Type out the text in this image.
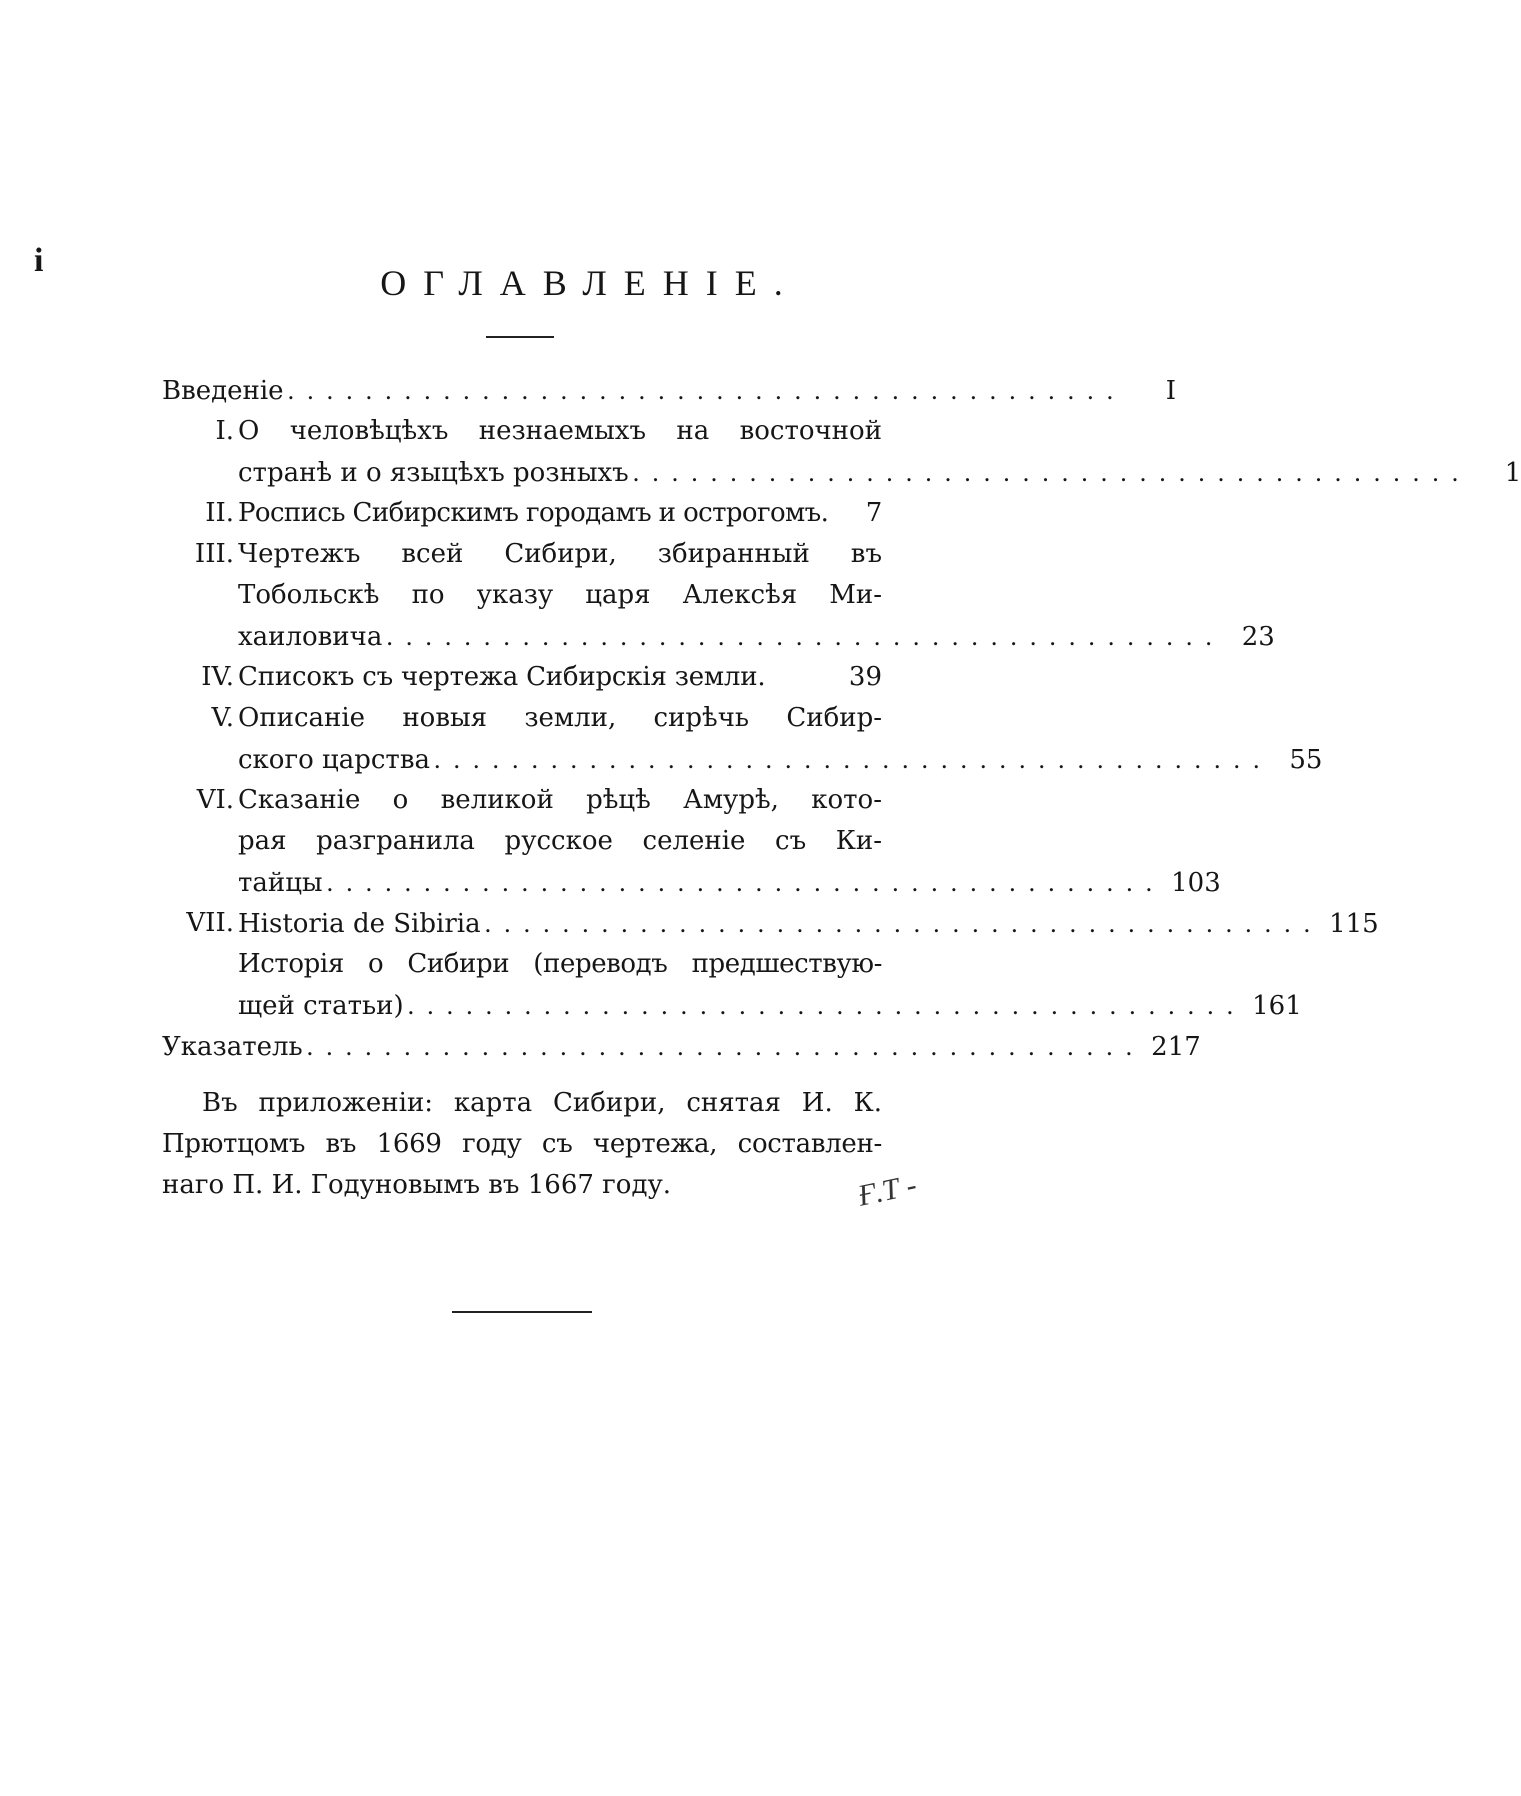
i
ОГЛАВЛЕНІЕ.
Введеніе ...........................................	I
I. О человѣцѣхъ незнаемыхъ на восточной
странѣ и о языцѣхъ розныхъ ...........................................	1
II. Роспись Сибирскимъ городамъ и острогомъ.	7
III. Чертежъ всей Сибири, збиранный въ
Тобольскѣ по указу царя Алексѣя Ми-
хаиловича ........................................... 23
IV. Списокъ съ чертежа Сибирскія земли.	39
V. Описаніе новыя земли, сирѣчь Сибир-
ского царства ........................................... 55
VI. Сказаніе о великой рѣцѣ Амурѣ, кото-
рая разгранила русское селеніе съ Ки-
тайцы ........................................... 103
VII. Historia de Sibiria ........................................... 115
Исторія о Сибири (переводъ предшествую-
щей статьи) ........................................... 161
Указатель ........................................... 217
Въ приложеніи: карта Сибири, снятая И. К.
Прютцомъ въ 1669 году съ чертежа, составлен-
наго П. И. Годуновымъ въ 1667 году.	Ғ.Т -
